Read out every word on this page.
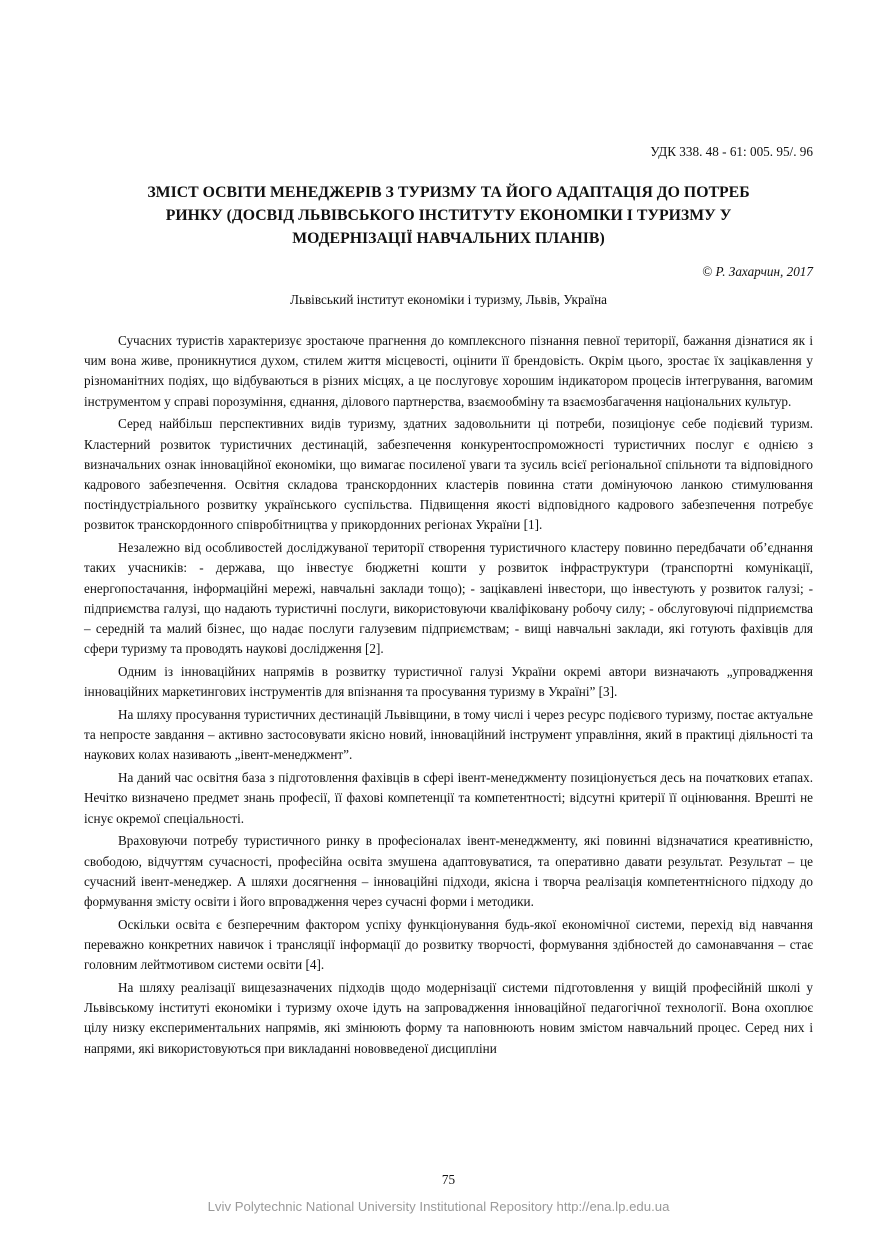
УДК 338. 48 - 61: 005. 95/. 96
ЗМІСТ ОСВІТИ МЕНЕДЖЕРІВ З ТУРИЗМУ ТА ЙОГО АДАПТАЦІЯ ДО ПОТРЕБ
РИНКУ (ДОСВІД ЛЬВІВСЬКОГО ІНСТИТУТУ ЕКОНОМІКИ І ТУРИЗМУ У
МОДЕРНІЗАЦІЇ НАВЧАЛЬНИХ ПЛАНІВ)
© Р. Захарчин, 2017
Львівський інститут економіки і туризму, Львів, Україна

Сучасних туристів характеризує зростаюче прагнення до комплексного пізнання певної території, бажання дізнатися як і чим вона живе, проникнутися духом, стилем життя місцевості, оцінити її брендовість. Окрім цього, зростає їх зацікавлення у різноманітних подіях, що відбуваються в різних місцях, а це послуговує хорошим індикатором процесів інтегрування, вагомим інструментом у справі порозуміння, єднання, ділового партнерства, взаємообміну та взаємозбагачення національних культур.

Серед найбільш перспективних видів туризму, здатних задовольнити ці потреби, позиціонує себе подієвий туризм. Кластерний розвиток туристичних дестинацій, забезпечення конкурентоспроможності туристичних послуг є однією з визначальних ознак інноваційної економіки, що вимагає посиленої уваги та зусиль всієї регіональної спільноти та відповідного кадрового забезпечення. Освітня складова транскордонних кластерів повинна стати домінуючою ланкою стимулювання постіндустріального розвитку українського суспільства. Підвищення якості відповідного кадрового забезпечення потребує розвиток транскордонного співробітництва у прикордонних регіонах України [1].

Незалежно від особливостей досліджуваної території створення туристичного кластеру повинно передбачати об’єднання таких учасників: - держава, що інвестує бюджетні кошти у розвиток інфраструктури (транспортні комунікації, енергопостачання, інформаційні мережі, навчальні заклади тощо); - зацікавлені інвестори, що інвестують у розвиток галузі; - підприємства галузі, що надають туристичні послуги, використовуючи кваліфіковану робочу силу; - обслуговуючі підприємства – середній та малий бізнес, що надає послуги галузевим підприємствам; - вищі навчальні заклади, які готують фахівців для сфери туризму та проводять наукові дослідження [2].

Одним із інноваційних напрямів в розвитку туристичної галузі України окремі автори визначають „упровадження інноваційних маркетингових інструментів для впізнання та просування туризму в Україні” [3].

На шляху просування туристичних дестинацій Львівщини, в тому числі і через ресурс подієвого туризму, постає актуальне та непросте завдання – активно застосовувати якісно новий, інноваційний інструмент управління, який в практиці діяльності та наукових колах називають „івент-менеджмент”.

На даний час освітня база з підготовлення фахівців в сфері івент-менеджменту позиціонується десь на початкових етапах. Нечітко визначено предмет знань професії, її фахові компетенції та компетентності; відсутні критерії її оцінювання. Врешті не існує окремої спеціальності.

Враховуючи потребу туристичного ринку в професіоналах івент-менеджменту, які повинні відзначатися креативністю, свободою, відчуттям сучасності, професійна освіта змушена адаптовуватися, та оперативно давати результат. Результат – це сучасний івент-менеджер. А шляхи досягнення – інноваційні підходи, якісна і творча реалізація компетентнісного підходу до формування змісту освіти і його впровадження через сучасні форми і методики.

Оскільки освіта є безперечним фактором успіху функціонування будь-якої економічної системи, перехід від навчання переважно конкретних навичок і трансляції інформації до розвитку творчості, формування здібностей до самонавчання – стає головним лейтмотивом системи освіти [4].

На шляху реалізації вищезазначених підходів щодо модернізації системи підготовлення у вищій професійній школі у Львівському інституті економіки і туризму охоче ідуть на запровадження інноваційної педагогічної технології. Вона охоплює цілу низку експериментальних напрямів, які змінюють форму та наповнюють новим змістом навчальний процес. Серед них і напрями, які використовуються при викладанні нововведеної дисципліни

75
Lviv Polytechnic National University Institutional Repository http://ena.lp.edu.ua
